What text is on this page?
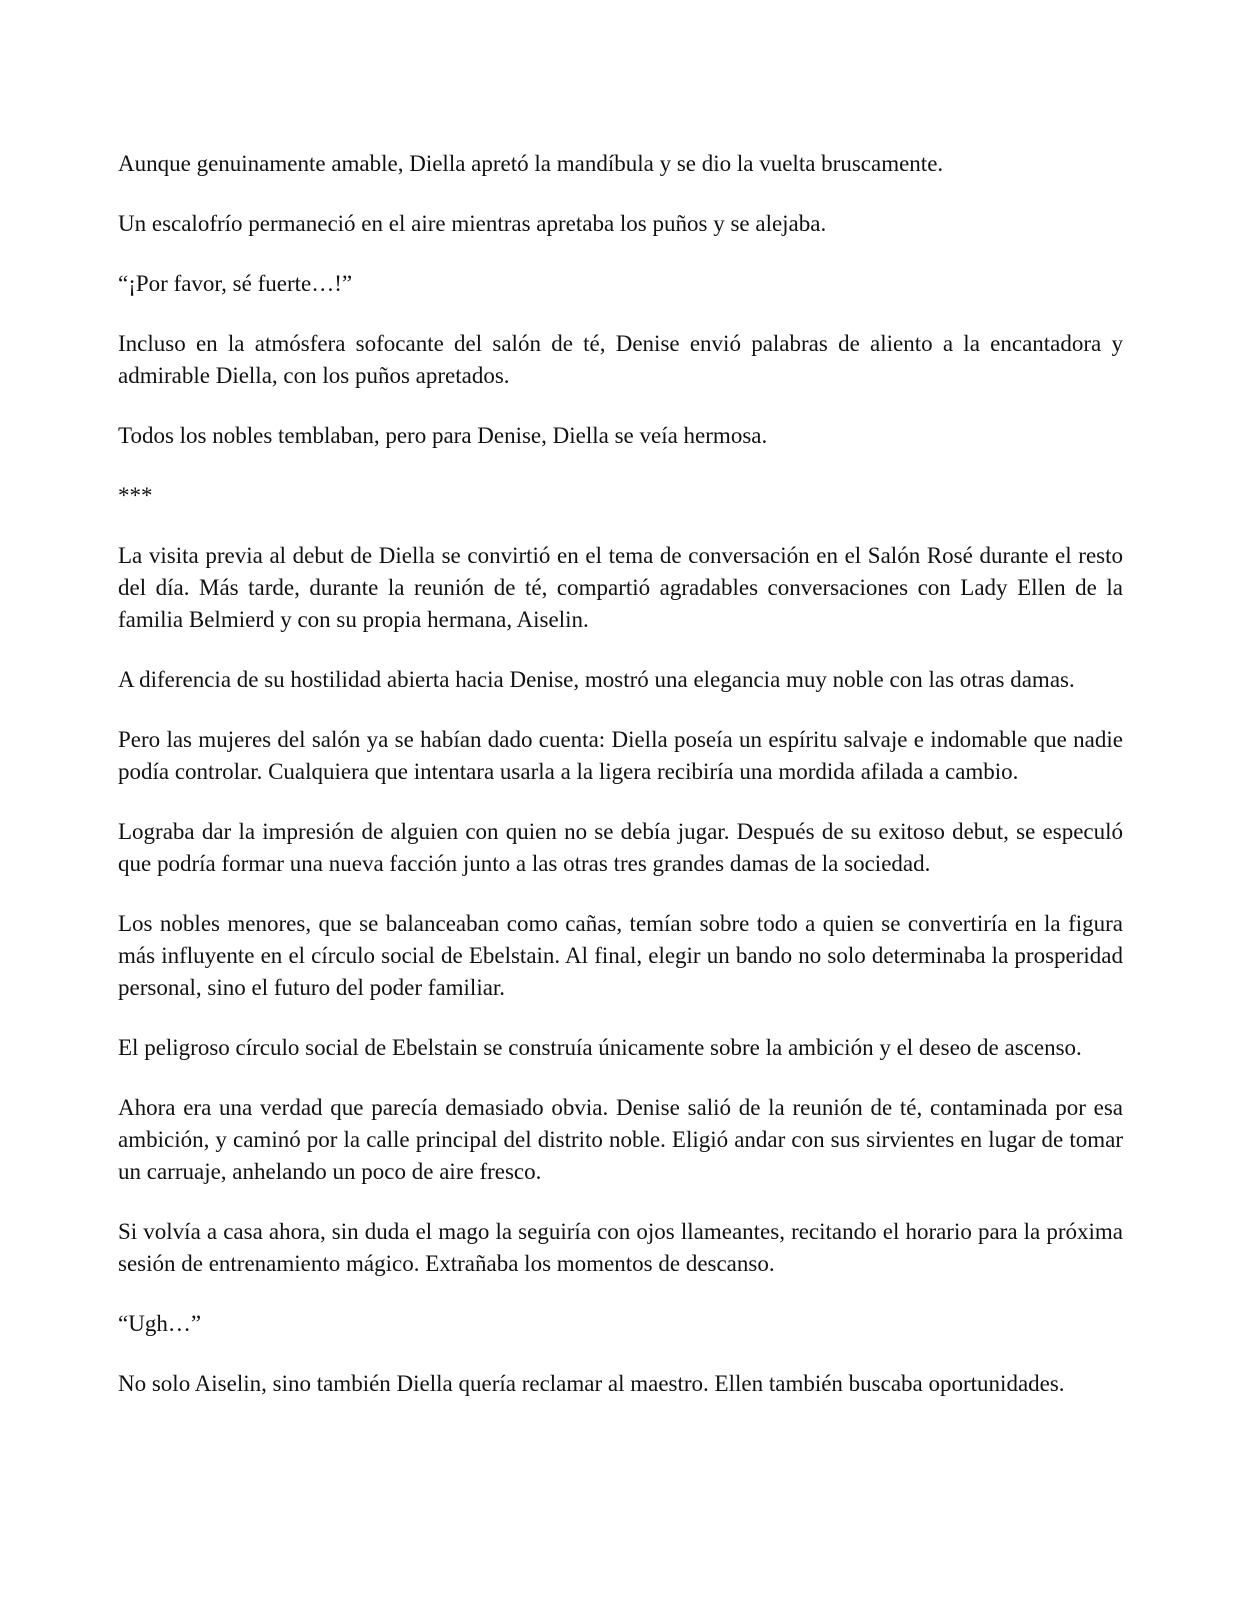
Aunque genuinamente amable, Diella apretó la mandíbula y se dio la vuelta bruscamente.

Un escalofrío permaneció en el aire mientras apretaba los puños y se alejaba.

“¡Por favor, sé fuerte…!”

Incluso en la atmósfera sofocante del salón de té, Denise envió palabras de aliento a la encantadora y admirable Diella, con los puños apretados.

Todos los nobles temblaban, pero para Denise, Diella se veía hermosa.

***

La visita previa al debut de Diella se convirtió en el tema de conversación en el Salón Rosé durante el resto del día. Más tarde, durante la reunión de té, compartió agradables conversaciones con Lady Ellen de la familia Belmierd y con su propia hermana, Aiselin.

A diferencia de su hostilidad abierta hacia Denise, mostró una elegancia muy noble con las otras damas.

Pero las mujeres del salón ya se habían dado cuenta: Diella poseía un espíritu salvaje e indomable que nadie podía controlar. Cualquiera que intentara usarla a la ligera recibiría una mordida afilada a cambio.

Lograba dar la impresión de alguien con quien no se debía jugar. Después de su exitoso debut, se especuló que podría formar una nueva facción junto a las otras tres grandes damas de la sociedad.

Los nobles menores, que se balanceaban como cañas, temían sobre todo a quien se convertiría en la figura más influyente en el círculo social de Ebelstain. Al final, elegir un bando no solo determinaba la prosperidad personal, sino el futuro del poder familiar.

El peligroso círculo social de Ebelstain se construía únicamente sobre la ambición y el deseo de ascenso.

Ahora era una verdad que parecía demasiado obvia. Denise salió de la reunión de té, contaminada por esa ambición, y caminó por la calle principal del distrito noble. Eligió andar con sus sirvientes en lugar de tomar un carruaje, anhelando un poco de aire fresco.

Si volvía a casa ahora, sin duda el mago la seguiría con ojos llameantes, recitando el horario para la próxima sesión de entrenamiento mágico. Extrañaba los momentos de descanso.

“Ugh…”

No solo Aiselin, sino también Diella quería reclamar al maestro. Ellen también buscaba oportunidades.
